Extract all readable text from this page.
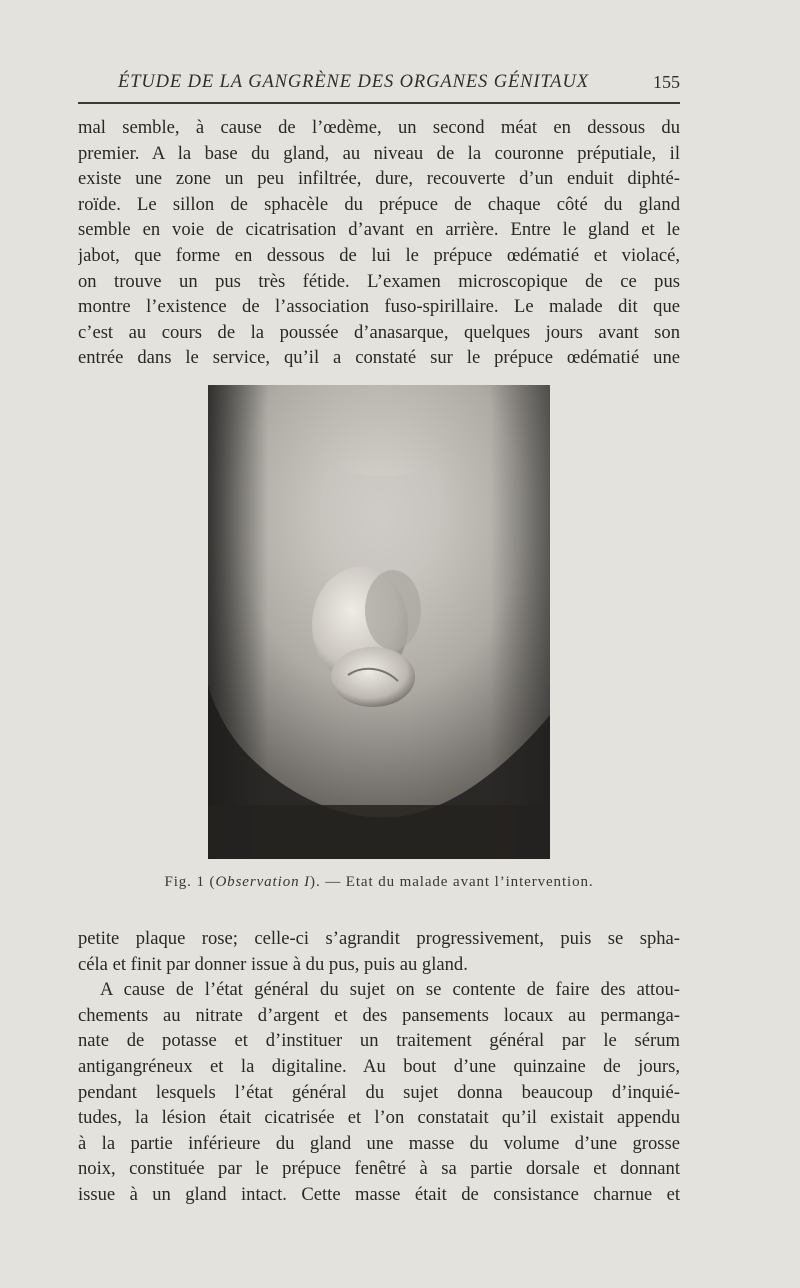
ÉTUDE DE LA GANGRÈNE DES ORGANES GÉNITAUX	155
mal semble, à cause de l’œdème, un second méat en dessous du
premier. A la base du gland, au niveau de la couronne préputiale, il
existe une zone un peu infiltrée, dure, recouverte d’un enduit diphté-
roïde. Le sillon de sphacèle du prépuce de chaque côté du gland
semble en voie de cicatrisation d’avant en arrière. Entre le gland et le
jabot, que forme en dessous de lui le prépuce œdématié et violacé,
on trouve un pus très fétide. L’examen microscopique de ce pus
montre l’existence de l’association fuso-spirillaire. Le malade dit que
c’est au cours de la poussée d’anasarque, quelques jours avant son
entrée dans le service, qu’il a constaté sur le prépuce œdématié une
Fig. 1 (Observation I). — Etat du malade avant l’intervention.
petite plaque rose; celle-ci s’agrandit progressivement, puis se spha-
céla et finit par donner issue à du pus, puis au gland.
A cause de l’état général du sujet on se contente de faire des attou-
chements au nitrate d’argent et des pansements locaux au permanga-
nate de potasse et d’instituer un traitement général par le sérum
antigangréneux et la digitaline. Au bout d’une quinzaine de jours,
pendant lesquels l’état général du sujet donna beaucoup d’inquié-
tudes, la lésion était cicatrisée et l’on constatait qu’il existait appendu
à la partie inférieure du gland une masse du volume d’une grosse
noix, constituée par le prépuce fenêtré à sa partie dorsale et donnant
issue à un gland intact. Cette masse était de consistance charnue et
